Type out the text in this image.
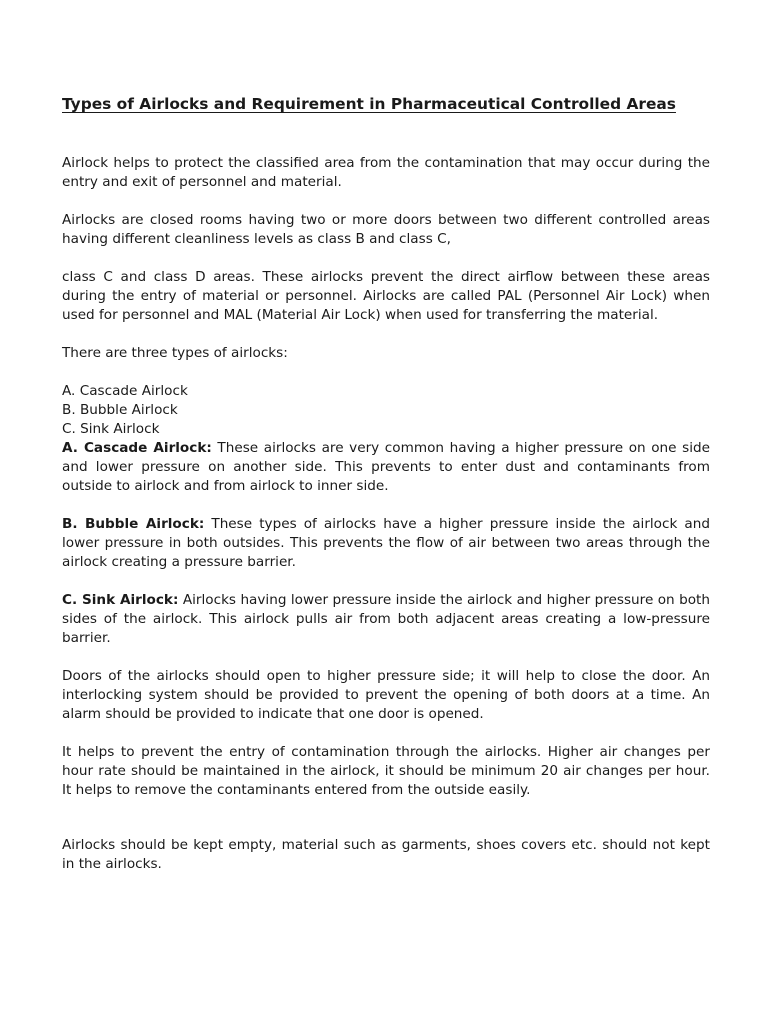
Types of Airlocks and Requirement in Pharmaceutical Controlled Areas

Airlock helps to protect the classified area from the contamination that may occur during the entry and exit of personnel and material.

Airlocks are closed rooms having two or more doors between two different controlled areas having different cleanliness levels as class B and class C,

class C and class D areas. These airlocks prevent the direct airflow between these areas during the entry of material or personnel. Airlocks are called PAL (Personnel Air Lock) when used for personnel and MAL (Material Air Lock) when used for transferring the material.

There are three types of airlocks:

A. Cascade Airlock

B. Bubble Airlock

C. Sink Airlock

A. Cascade Airlock: These airlocks are very common having a higher pressure on one side and lower pressure on another side. This prevents to enter dust and contaminants from outside to airlock and from airlock to inner side.

B. Bubble Airlock: These types of airlocks have a higher pressure inside the airlock and lower pressure in both outsides. This prevents the flow of air between two areas through the airlock creating a pressure barrier.

C. Sink Airlock: Airlocks having lower pressure inside the airlock and higher pressure on both sides of the airlock. This airlock pulls air from both adjacent areas creating a low-pressure barrier.

Doors of the airlocks should open to higher pressure side; it will help to close the door. An interlocking system should be provided to prevent the opening of both doors at a time. An alarm should be provided to indicate that one door is opened.

It helps to prevent the entry of contamination through the airlocks. Higher air changes per hour rate should be maintained in the airlock, it should be minimum 20 air changes per hour. It helps to remove the contaminants entered from the outside easily.

Airlocks should be kept empty, material such as garments, shoes covers etc. should not kept in the airlocks.
